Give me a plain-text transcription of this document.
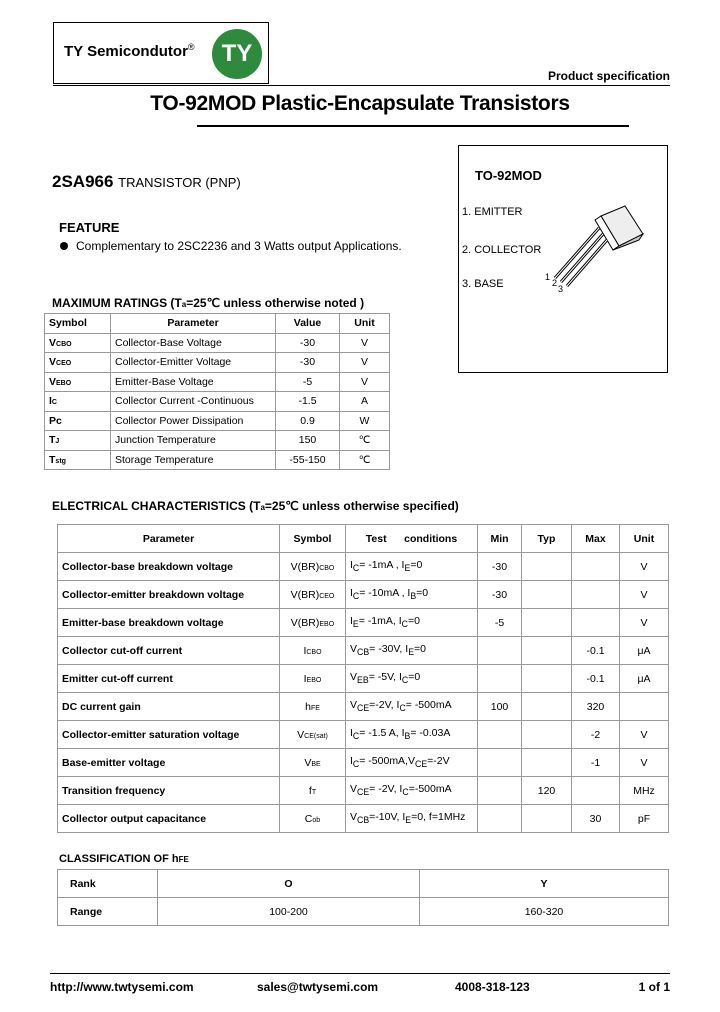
TY Semicondutor® TY
Product specification
TO-92MOD Plastic-Encapsulate Transistors
2SA966 TRANSISTOR (PNP)	TO-92MOD
1. EMITTER
2. COLLECTOR
3. BASE
1
2
3
FEATURE
Complementary to 2SC2236 and 3 Watts output Applications.
MAXIMUM RATINGS (Ta=25℃ unless otherwise noted )
Symbol	Parameter	Value	Unit
VCBO	Collector-Base Voltage	-30	V
VCEO	Collector-Emitter Voltage	-30	V
VEBO	Emitter-Base Voltage	-5	V
IC	Collector Current -Continuous	-1.5	A
Pc	Collector Power Dissipation	0.9	W
TJ	Junction Temperature	150	℃
Tstg	Storage Temperature	-55-150	℃
ELECTRICAL CHARACTERISTICS (Ta=25℃ unless otherwise specified)
Parameter	Symbol	Test      conditions	Min	Typ	Max	Unit
Collector-base breakdown voltage	V(BR)CBO	$I_C= -1mA$ , $I_E=0$	-30			V
Collector-emitter breakdown voltage	V(BR)CEO	$I_C= -10mA$ , $I_B=0$	-30			V
Emitter-base breakdown voltage	V(BR)EBO	$I_E= -1mA$, $I_C=0$	-5			V
Collector cut-off current	ICBO	$V_{CB}= -30V$, $I_E=0$			-0.1	μA
Emitter cut-off current	IEBO	$V_{EB}= -5V$, $I_C=0$			-0.1	μA
DC current gain	hFE	$V_{CE}=-2V$, $I_C= -500mA$	100		320	
Collector-emitter saturation voltage	VCE(sat)	$I_C= -1.5$ A, $I_B= -0.03A$			-2	V
Base-emitter voltage	VBE	$I_C= -500mA,V_{CE}=-2V$			-1	V
Transition frequency	fT	$V_{CE}= -2V$, $I_C=-500mA$		120		MHz
Collector output capacitance	Cob	$V_{CB}=-10V$, $I_E=0$, f=1MHz			30	pF
CLASSIFICATION OF hFE
Rank	O	Y
Range	100-200	160-320
http://www.twtysemi.com	sales@twtysemi.com	4008-318-123	1 of 1
